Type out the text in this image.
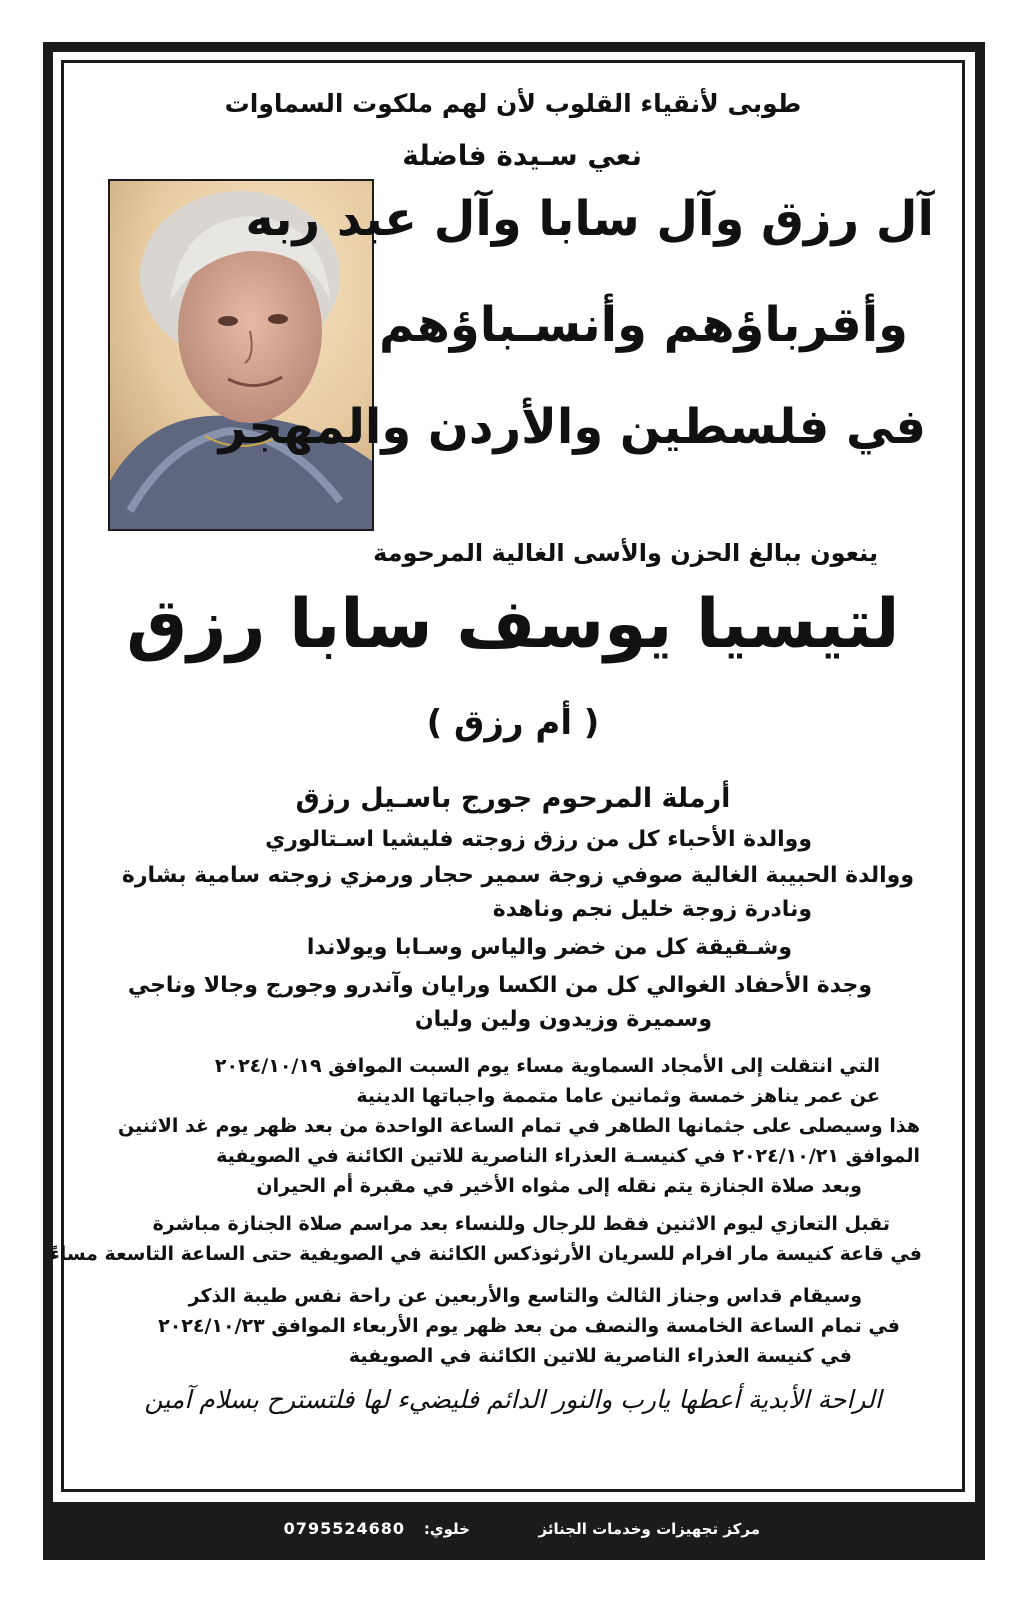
طوبى لأنقياء القلوب لأن لهم ملكوت السماوات
نعي سـيدة فاضلة
آل رزق وآل سابا وآل عبد ربه
وأقرباؤهم وأنسـباؤهم
في فلسطين والأردن والمهجر
ينعون ببالغ الحزن والأسى الغالية المرحومة
لتيسيا يوسف سابا رزق
( أم رزق )
أرملة المرحوم جورج باسـيل رزق
ووالدة الأحباء كل من رزق زوجته فليشيا اسـتالوري
ووالدة الحبيبة الغالية صوفي زوجة سمير حجار ورمزي زوجته سامية بشارة
ونادرة زوجة خليل نجم وناهدة
وشـقيقة كل من خضر والياس وسـابا ويولاندا
وجدة الأحفاد الغوالي كل من الكسا ورايان وآندرو وجورج وجالا وناجي
وسميرة وزيدون ولين وليان
التي انتقلت إلى الأمجاد السماوية مساء يوم السبت الموافق ٢٠٢٤/١٠/١٩
عن عمر يناهز خمسة وثمانين عاما متممة واجباتها الدينية
هذا وسيصلى على جثمانها الطاهر في تمام الساعة الواحدة من بعد ظهر يوم غد الاثنين
الموافق ٢٠٢٤/١٠/٢١ في كنيسـة العذراء الناصرية للاتين الكائنة في الصويفية
وبعد صلاة الجنازة يتم نقله إلى مثواه الأخير في مقبرة أم الحيران
تقبل التعازي ليوم الاثنين فقط للرجال وللنساء بعد مراسم صلاة الجنازة مباشرة
في قاعة كنيسة مار افرام للسريان الأرثوذكس الكائنة في الصويفية حتى الساعة التاسعة مساءً
وسيقام قداس وجناز الثالث والتاسع والأربعين عن راحة نفس طيبة الذكر
في تمام الساعة الخامسة والنصف من بعد ظهر يوم الأربعاء الموافق ٢٠٢٤/١٠/٢٣
في كنيسة العذراء الناصرية للاتين الكائنة في الصويفية
الراحة الأبدية أعطها يارب والنور الدائم فليضيء لها فلتسترح بسلام آمين
مركز تجهيزات وخدمات الجنائز
خلوي:
0795524680
